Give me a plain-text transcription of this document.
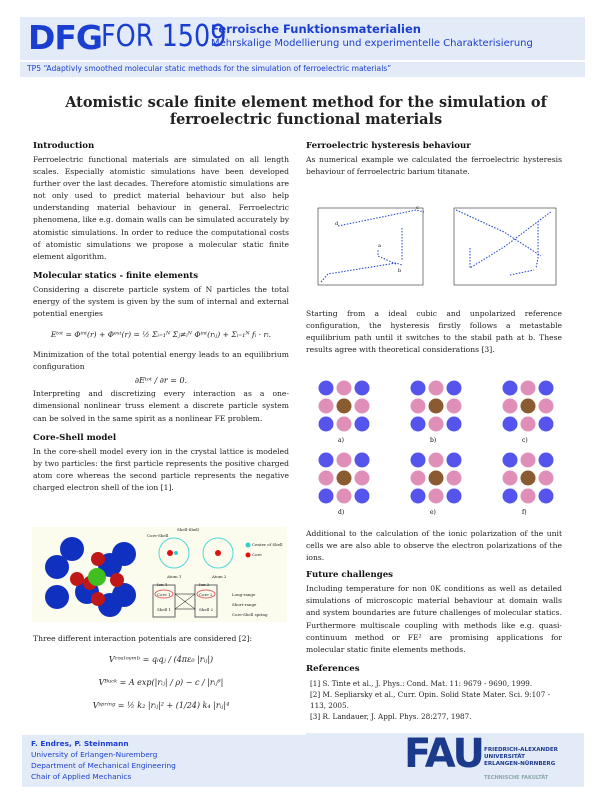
DFG
FOR 1509
Ferroische Funktionsmaterialien
Mehrskalige Modellierung und experimentelle Charakterisierung
TP5 “Adaptivly smoothed molecular static methods for the simulation of ferroelectric materials”
Atomistic scale finite element method for the simulation of
ferroelectric functional materials
Introduction
Ferroelectric functional materials are simulated on all length scales. Especially atomistic simulations have been developed further over the last decades. Therefore atomistic simulations are not only used to predict material behaviour but also help understanding material behaviour in general. Ferroelectric phenomena, like e.g. domain walls can be simulated accurately by atomistic simulations. In order to reduce the computational costs of atomistic simulations we propose a molecular static finite element algorithm.
Molecular statics - finite elements
Considering a discrete particle system of N particles the total energy of the system is given by the sum of internal and external potential energies
Eᵗᵒᵗ = Φⁱⁿᵗ(r) + Φᵉˣᵗ(r) = ½ Σᵢ₌₁ᴺ Σⱼ≠ᵢᴺ Φⁱⁿᵗ(rᵢⱼ) + Σᵢ₌₁ᴺ fᵢ · rᵢ.
Minimization of the total potential energy leads to an equilibrium configuration
∂Eᵗᵒᵗ / ∂r = 0.
Interpreting and discretizing every interaction as a one-dimensional nonlinear truss element a discrete particle system can be solved in the same spirit as a nonlinear FE problem.
Core-Shell model
In the core-shell model every ion in the crystal lattice is modeled by two particles: the first particle represents the positive charged atom core whereas the second particle represents the negative charged electron shell of the ion [1].
Core-Shell
Shell-Shell
Atom 1	Atom 2
Center of Shell
Core
Ion 1	Ion 2
Core 1	Core 2
Shell 1	Shell 2
Long-range
Short-range
Core-Shell spring
Three different interaction potentials are considered [2]:
Vᶜᵒᵘˡᵒᵘᵐᵇ = qᵢqⱼ / (4πε₀ |rᵢⱼ|)
Vᴮᵘᶜᵏ = A exp(|rᵢⱼ| / ρ) − c / |rᵢⱼ⁶|
Vˢᵖʳⁱⁿᵍ = ½ k₂ |rᵢⱼ|² + (1/24) k₄ |rᵢⱼ|⁴
Ferroelectric hysteresis behaviour
As numerical example we calculated the ferroelectric hysteresis behaviour of ferroelectric barium titanate.
d
b
a
c
Starting from a ideal cubic and unpolarized reference configuration, the hysteresis firstly follows a metastable equilibrium path until it switches to the stabil path at b. These results agree with theoretical considerations [3].
a)	b)	c)
d)	e)	f)
Additional to the calculation of the ionic polarization of the unit cells we are also able to observe the electron polarizations of the ions.
Future challenges
Including temperature for non 0K conditions as well as detailed simulations of microscopic material behaviour at domain walls and system boundaries are future challenges of molecular statics. Furthermore multiscale coupling with methods like e.g. quasi-continuum method or FE² are promising applications for molecular static finite elements methods.
References
[1] S. Tinte et al., J. Phys.: Cond. Mat. 11: 9679 - 9690, 1999.
[2] M. Sepliarsky et al., Curr. Opin. Solid State Mater. Sci. 9:107 - 113, 2005.
[3] R. Landauer, J. Appl. Phys. 28:277, 1987.
F. Endres, P. Steinmann
University of Erlangen-Nuremberg
Department of Mechanical Engineering
Chair of Applied Mechanics	FAU FRIEDRICH-ALEXANDER
UNIVERSITÄT
ERLANGEN-NÜRNBERG
TECHNISCHE FAKULTÄT
